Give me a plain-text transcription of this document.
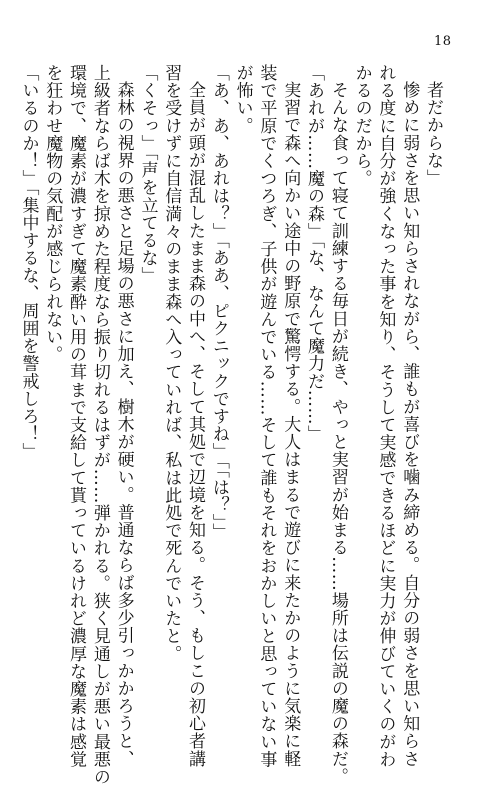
18
者だからな」
惨めに弱さを思い知らされながら、誰もが喜びを噛み締める。自分の弱さを思い知らさ
れる度に自分が強くなった事を知り、そうして実感できるほどに実力が伸びていくのがわ
かるのだから。
そんな食って寝て訓練する毎日が続き、やっと実習が始まる……場所は伝説の魔の森だ。
「あれが……魔の森」「な、なんて魔力だ……」
実習で森へ向かい途中の野原で驚愕する。大人はまるで遊びに来たかのように気楽に軽
装で平原でくつろぎ、子供が遊んでいる……そして誰もそれをおかしいと思っていない事
が怖い。
「あ、あ、あれは？」「ああ、ピクニックですね」「「は？」」
全員が頭が混乱したまま森の中へ、そして其処で辺境を知る。そう、もしこの初心者講
習を受けずに自信満々のまま森へ入っていれば、私は此処で死んでいたと。
「くそっ」「声を立てるな」
森林の視界の悪さと足場の悪さに加え、樹木が硬い。普通ならば多少引っかかろうと、
上級者ならば木を掠めた程度なら振り切れるはずが……弾かれる。狭く見通しが悪い最悪の
環境で、魔素が濃すぎて魔素酔い用の茸まで支給して貰っているけれど濃厚な魔素は感覚
を狂わせ魔物の気配が感じられない。
「いるのか！」「集中するな、周囲を警戒しろ！」
